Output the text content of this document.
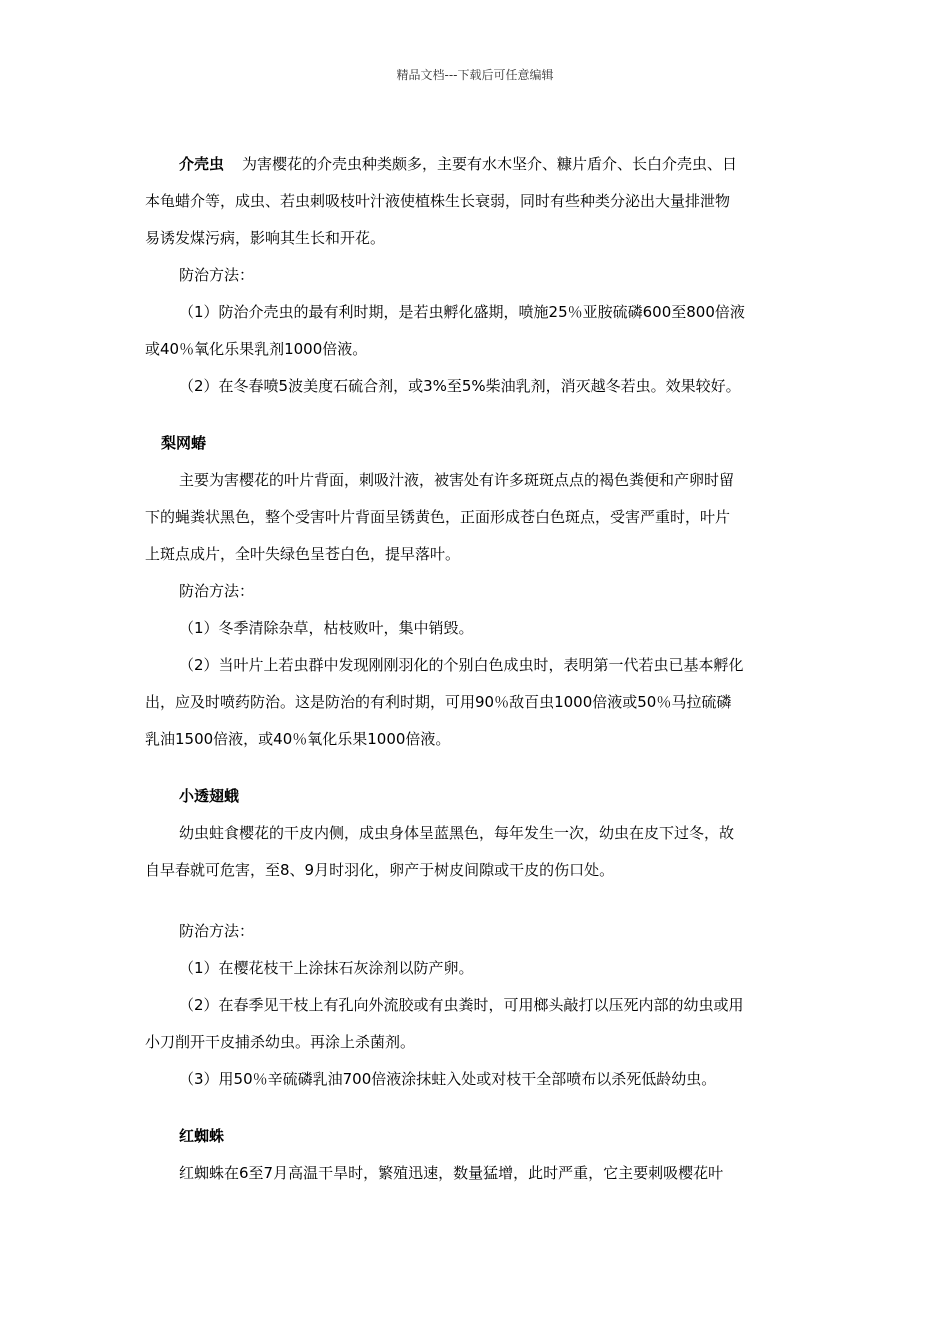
精品文档---下载后可任意编辑
介壳虫 为害樱花的介壳虫种类颇多，主要有水木坚介、糠片盾介、长白介壳虫、日
本龟蜡介等，成虫、若虫刺吸枝叶汁液使植株生长衰弱，同时有些种类分泌出大量排泄物
易诱发煤污病，影响其生长和开花。
防治方法：
（1）防治介壳虫的最有利时期，是若虫孵化盛期，喷施25％亚胺硫磷600至800倍液
或40％氧化乐果乳剂1000倍液。
（2）在冬春喷5波美度石硫合剂，或3%至5%柴油乳剂，消灭越冬若虫。效果较好。
梨网蝽
主要为害樱花的叶片背面，刺吸汁液，被害处有许多斑斑点点的褐色粪便和产卵时留
下的蝇粪状黑色，整个受害叶片背面呈锈黄色，正面形成苍白色斑点，受害严重时，叶片
上斑点成片，全叶失绿色呈苍白色，提早落叶。
防治方法：
（1）冬季清除杂草，枯枝败叶，集中销毁。
（2）当叶片上若虫群中发现刚刚羽化的个别白色成虫时，表明第一代若虫已基本孵化
出，应及时喷药防治。这是防治的有利时期，可用90％敌百虫1000倍液或50％马拉硫磷
乳油1500倍液，或40％氧化乐果1000倍液。
小透翅蛾
幼虫蛀食樱花的干皮内侧，成虫身体呈蓝黑色，每年发生一次，幼虫在皮下过冬，故
自早春就可危害，至8、9月时羽化，卵产于树皮间隙或干皮的伤口处。
防治方法：
（1）在樱花枝干上涂抹石灰涂剂以防产卵。
（2）在春季见干枝上有孔向外流胶或有虫粪时，可用榔头敲打以压死内部的幼虫或用
小刀削开干皮捕杀幼虫。再涂上杀菌剂。
（3）用50％辛硫磷乳油700倍液涂抹蛀入处或对枝干全部喷布以杀死低龄幼虫。
红蜘蛛
红蜘蛛在6至7月高温干旱时，繁殖迅速，数量猛增，此时严重，它主要刺吸樱花叶
